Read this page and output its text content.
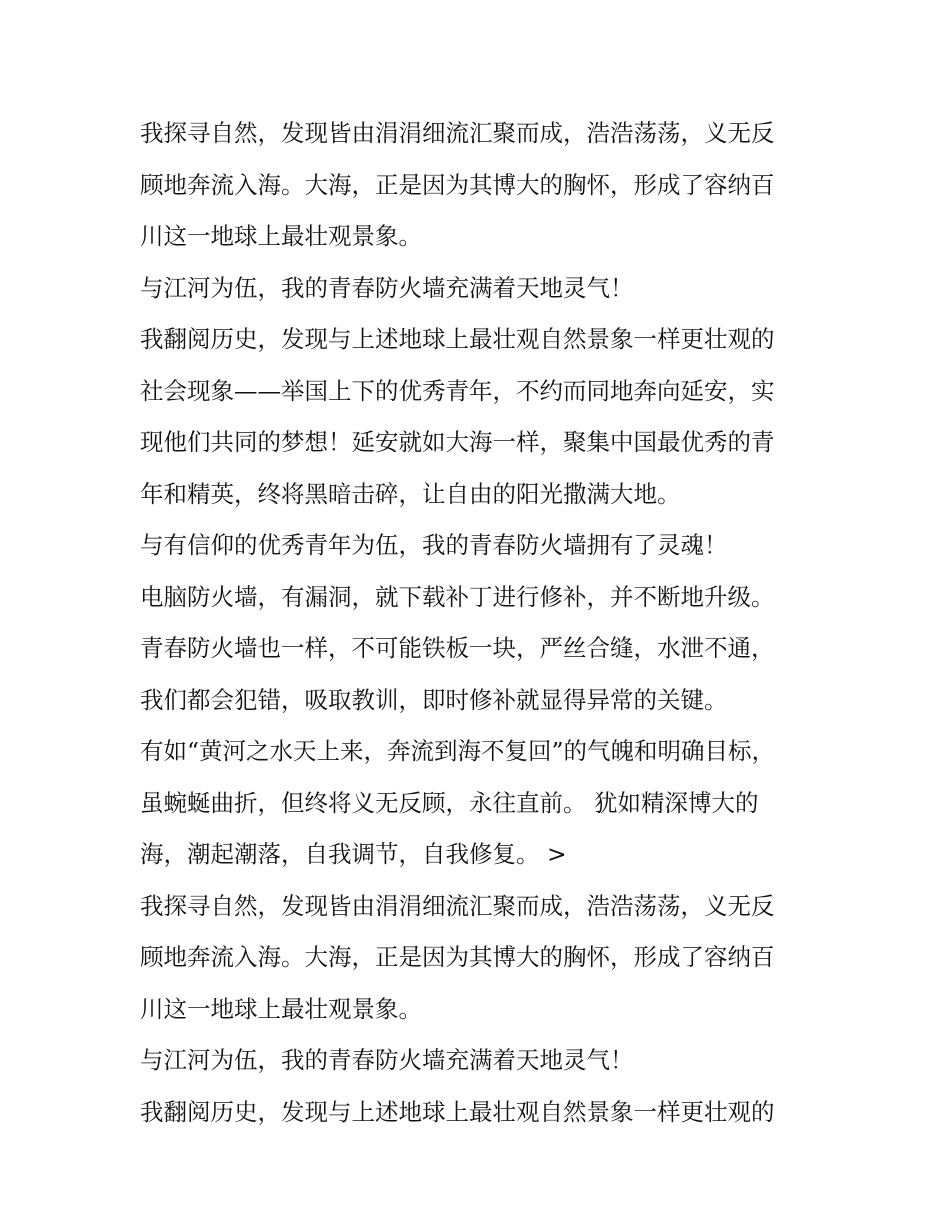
我探寻自然，发现皆由涓涓细流汇聚而成，浩浩荡荡，义无反
顾地奔流入海。大海，正是因为其博大的胸怀，形成了容纳百
川这一地球上最壮观景象。

与江河为伍，我的青春防火墙充满着天地灵气！

我翻阅历史，发现与上述地球上最壮观自然景象一样更壮观的
社会现象——举国上下的优秀青年，不约而同地奔向延安，实
现他们共同的梦想！延安就如大海一样，聚集中国最优秀的青
年和精英，终将黑暗击碎，让自由的阳光撒满大地。

与有信仰的优秀青年为伍，我的青春防火墙拥有了灵魂！

电脑防火墙，有漏洞，就下载补丁进行修补，并不断地升级。
青春防火墙也一样，不可能铁板一块，严丝合缝，水泄不通，
我们都会犯错，吸取教训，即时修补就显得异常的关键。

有如“黄河之水天上来，奔流到海不复回”的气魄和明确目标，
虽蜿蜒曲折，但终将义无反顾，永往直前。 犹如精深博大的
海，潮起潮落，自我调节，自我修复。 >

我探寻自然，发现皆由涓涓细流汇聚而成，浩浩荡荡，义无反
顾地奔流入海。大海，正是因为其博大的胸怀，形成了容纳百
川这一地球上最壮观景象。

与江河为伍，我的青春防火墙充满着天地灵气！

我翻阅历史，发现与上述地球上最壮观自然景象一样更壮观的
